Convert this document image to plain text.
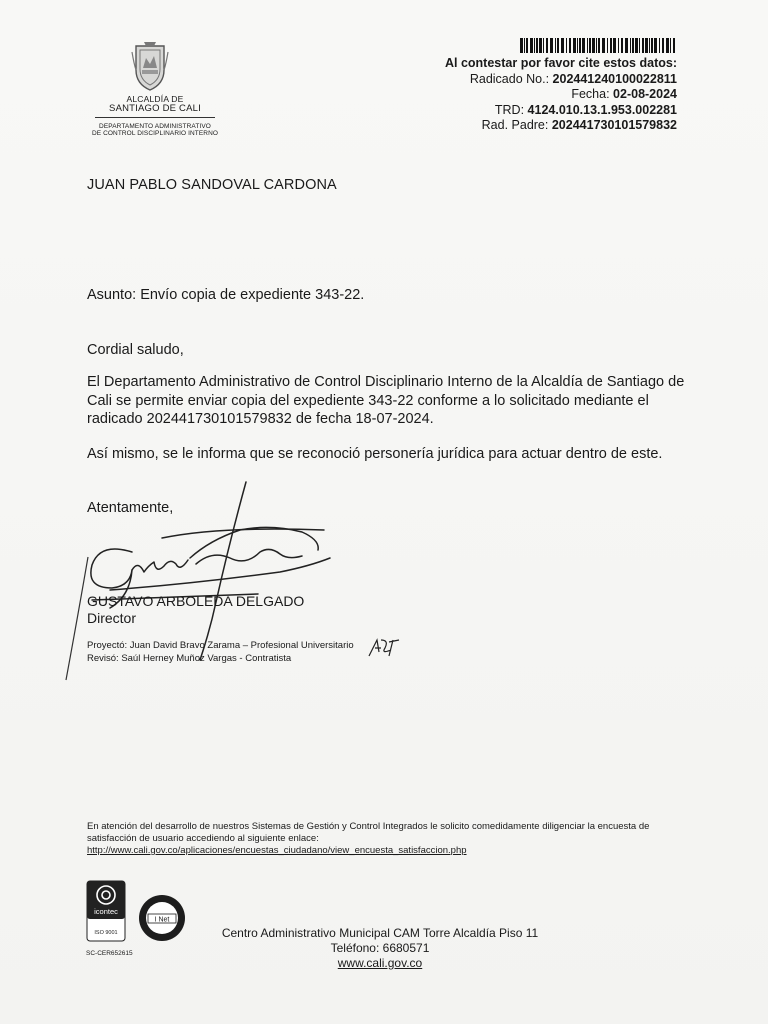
ALCALDÍA DE
SANTIAGO DE CALI
DEPARTAMENTO ADMINISTRATIVO
DE CONTROL DISCIPLINARIO INTERNO
Al contestar por favor cite estos datos:
Radicado No.: 202441240100022811
Fecha: 02-08-2024
TRD: 4124.010.13.1.953.002281
Rad. Padre: 202441730101579832
JUAN PABLO SANDOVAL CARDONA
Asunto: Envío copia de expediente 343-22.
Cordial saludo,
El Departamento Administrativo de Control Disciplinario Interno de la Alcaldía de Santiago de Cali se permite enviar copia del expediente 343-22 conforme a lo solicitado mediante el radicado 202441730101579832 de fecha 18-07-2024.
Así mismo, se le informa que se reconoció personería jurídica para actuar dentro de este.
Atentamente,
GUSTAVO ARBOLEDA DELGADO
Director
Proyectó: Juan David Bravo Zarama – Profesional Universitario
Revisó: Saúl Herney Muñoz Vargas - Contratista
En atención del desarrollo de nuestros Sistemas de Gestión y Control Integrados le solicito comedidamente diligenciar la encuesta de satisfacción de usuario accediendo al siguiente enlace:
http://www.cali.gov.co/aplicaciones/encuestas_ciudadano/view_encuesta_satisfaccion.php
icontec
ISO 9001
I Net
SC-CER652615
Centro Administrativo Municipal CAM Torre Alcaldía Piso 11
Teléfono: 6680571
www.cali.gov.co
